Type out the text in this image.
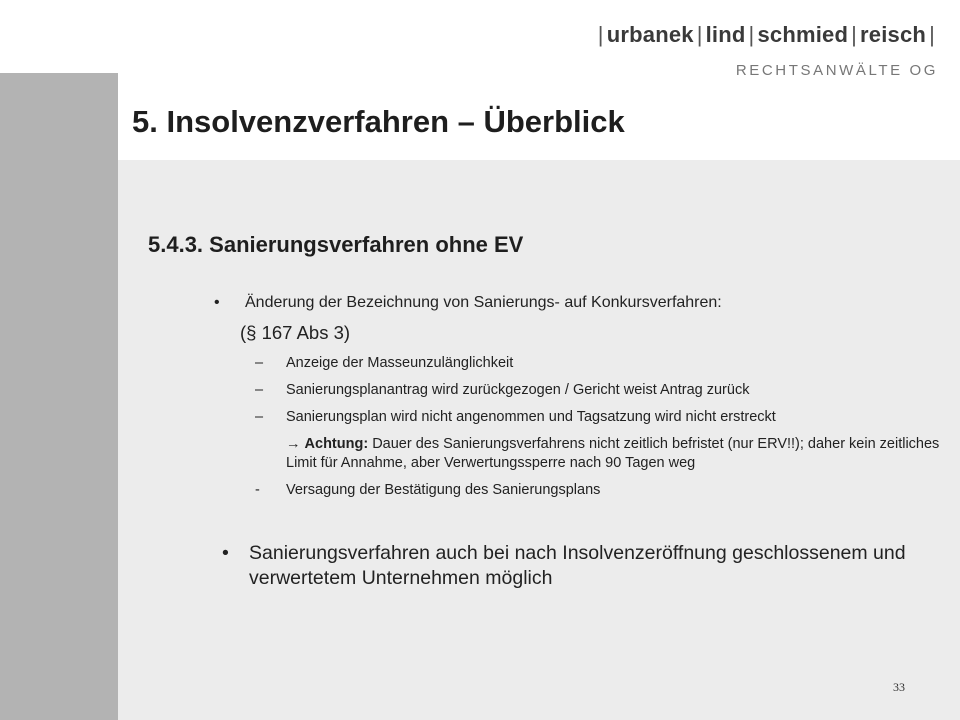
| urbanek | lind | schmied | reisch |
RECHTSANWÄLTE OG
5. Insolvenzverfahren – Überblick
5.4.3. Sanierungsverfahren ohne EV
• Änderung der Bezeichnung von Sanierungs- auf Konkursverfahren:
(§ 167 Abs 3)
– Anzeige der Masseunzulänglichkeit
– Sanierungsplanantrag wird zurückgezogen / Gericht weist Antrag zurück
– Sanierungsplan wird nicht angenommen und Tagsatzung wird nicht erstreckt
→ Achtung: Dauer des Sanierungsverfahrens nicht zeitlich befristet (nur ERV!!); daher kein zeitliches Limit für Annahme, aber Verwertungssperre nach 90 Tagen weg
- Versagung der Bestätigung des Sanierungsplans
• Sanierungsverfahren auch bei nach Insolvenzeröffnung geschlossenem und verwertetem Unternehmen möglich
33
